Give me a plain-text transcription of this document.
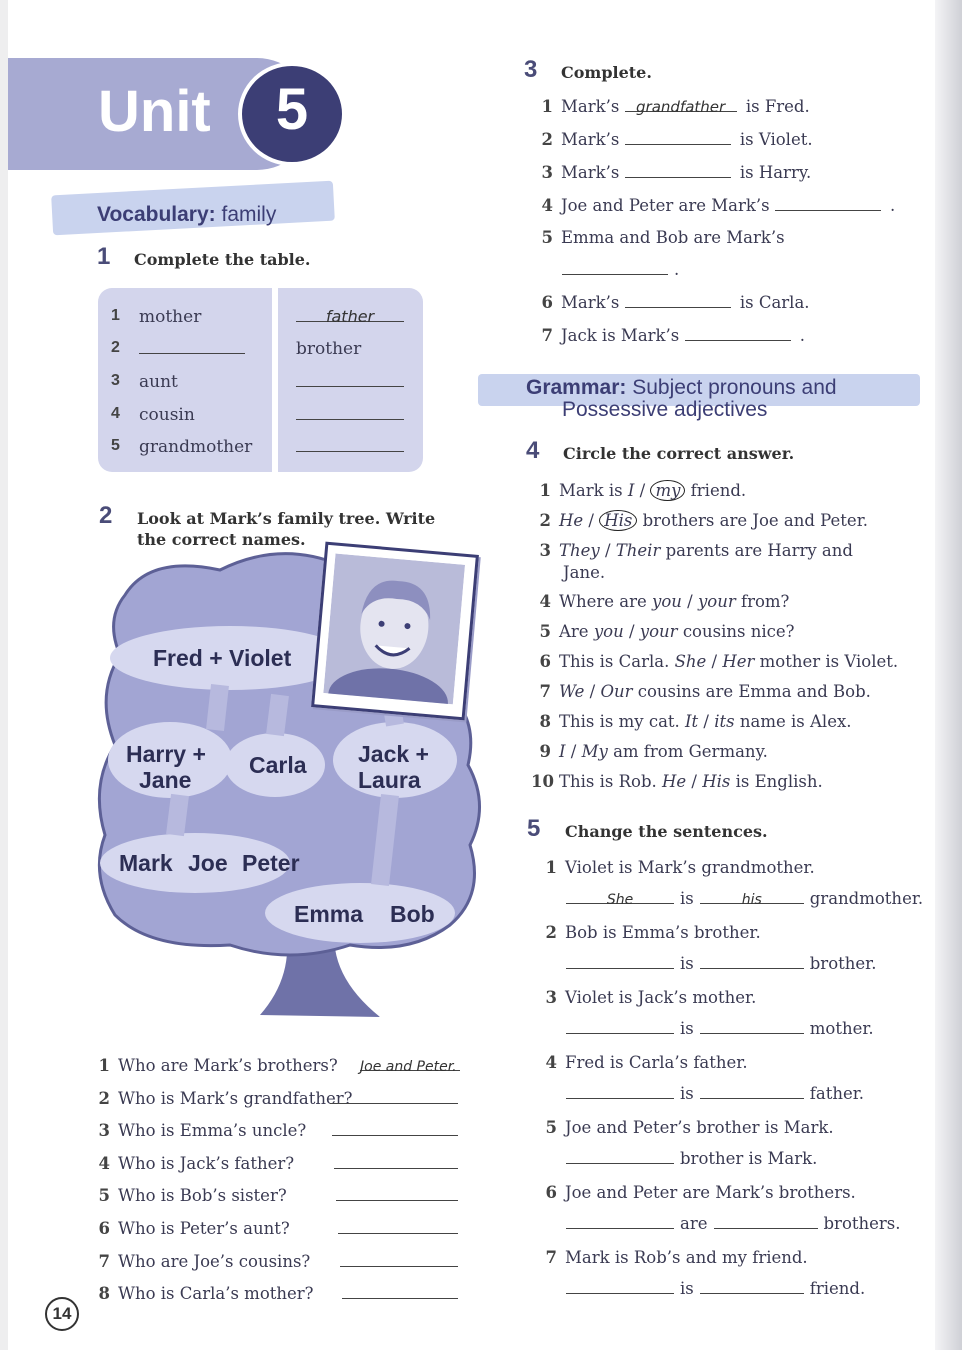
Unit	5
Vocabulary: family
1 Complete the table.
1 mother	father
2	brother
3 aunt
4 cousin
5 grandmother
2 Look at Mark’s family tree. Write
the correct names.
Fred + Violet
Harry +
Jane
Carla Jack +
Laura
Mark Joe Peter
Emma Bob
1 Who are Mark’s brothers? Joe and Peter.
2 Who is Mark’s grandfather?
3 Who is Emma’s uncle?
4 Who is Jack’s father?
5 Who is Bob’s sister?
6 Who is Peter’s aunt?
7 Who are Joe’s cousins?
8 Who is Carla’s mother?
14
3 Complete.
1 Mark’s grandfather is Fred.
2 Mark’s	is Violet.
3 Mark’s	is Harry.
4 Joe and Peter are Mark’s	.
5 Emma and Bob are Mark’s
.
6 Mark’s	is Carla.
7 Jack is Mark’s	.
Grammar: Subject pronouns and
Possessive adjectives
4 Circle the correct answer.
1 Mark is I / my friend.
2 He / His brothers are Joe and Peter.
3 They / Their parents are Harry and
Jane.
4 Where are you / your from?
5 Are you / your cousins nice?
6 This is Carla. She / Her mother is Violet.
7 We / Our cousins are Emma and Bob.
8 This is my cat. It / its name is Alex.
9 I / My am from Germany.
10 This is Rob. He / His is English.
5 Change the sentences.
1 Violet is Mark’s grandmother.
She	is	his	grandmother.
2 Bob is Emma’s brother.
is	brother.
3 Violet is Jack’s mother.
is	mother.
4 Fred is Carla’s father.
is	father.
5 Joe and Peter’s brother is Mark.
brother is Mark.
6 Joe and Peter are Mark’s brothers.
are	brothers.
7 Mark is Rob’s and my friend.
is	friend.
